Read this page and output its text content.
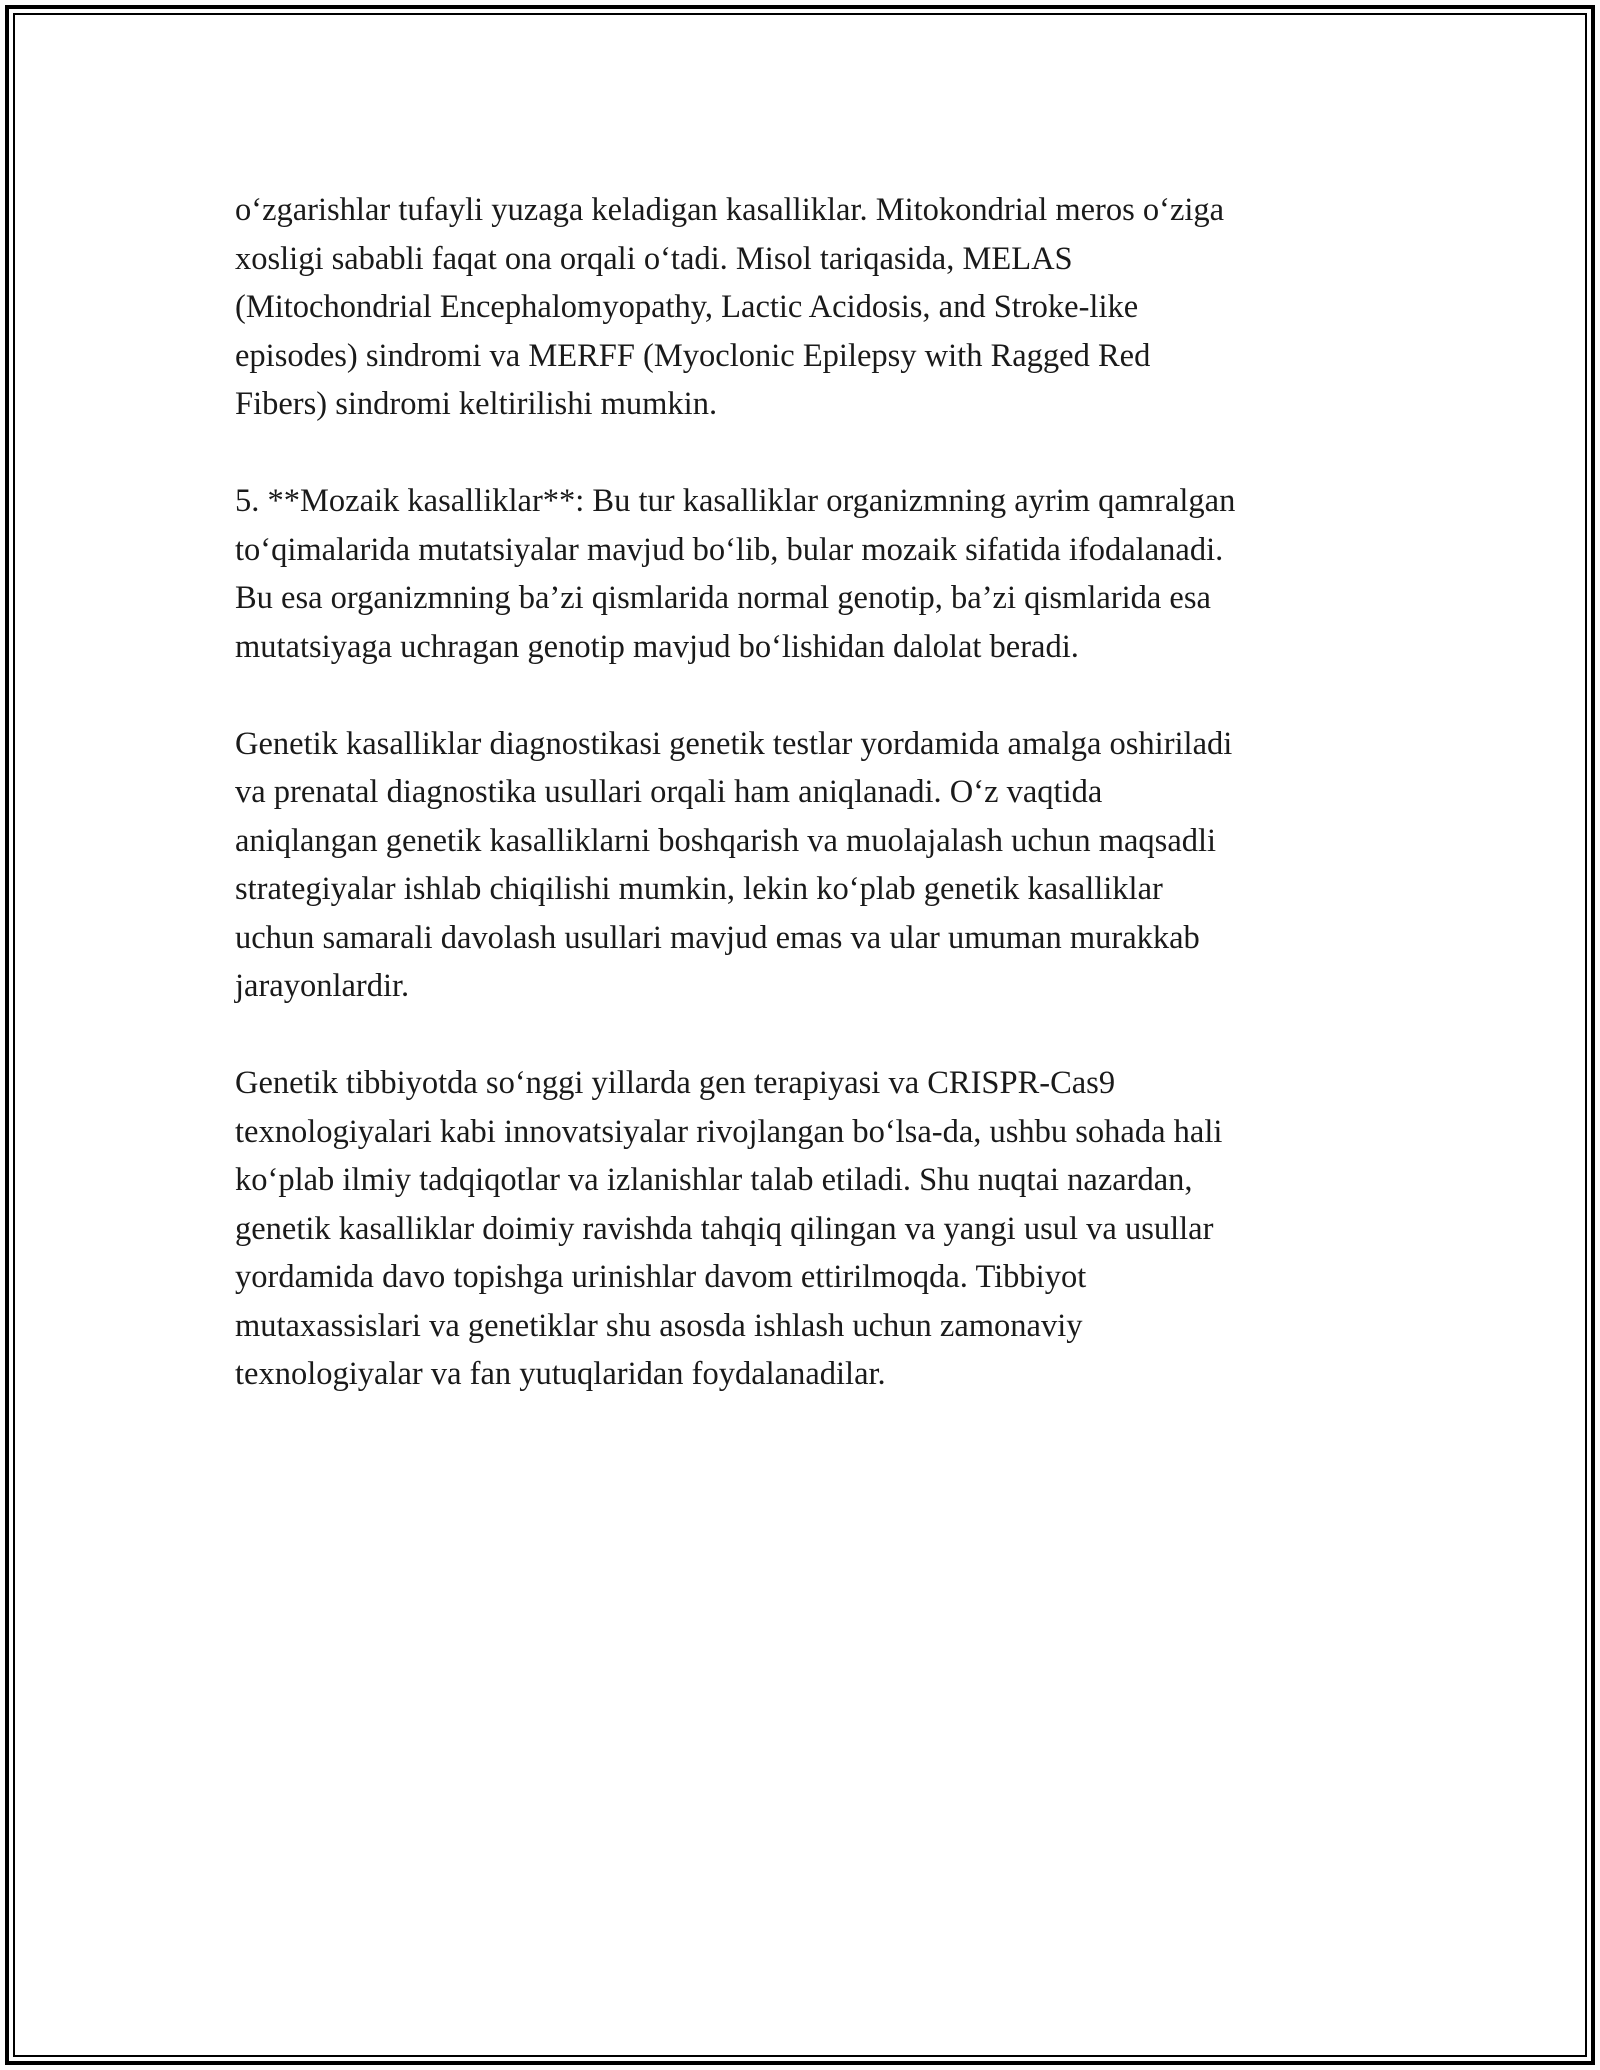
o‘zgarishlar tufayli yuzaga keladigan kasalliklar. Mitokondrial meros o‘ziga
xosligi sababli faqat ona orqali o‘tadi. Misol tariqasida, MELAS
(Mitochondrial Encephalomyopathy, Lactic Acidosis, and Stroke-like
episodes) sindromi va MERFF (Myoclonic Epilepsy with Ragged Red
Fibers) sindromi keltirilishi mumkin.

5. **Mozaik kasalliklar**: Bu tur kasalliklar organizmning ayrim qamralgan
to‘qimalarida mutatsiyalar mavjud bo‘lib, bular mozaik sifatida ifodalanadi.
Bu esa organizmning ba’zi qismlarida normal genotip, ba’zi qismlarida esa
mutatsiyaga uchragan genotip mavjud bo‘lishidan dalolat beradi.

Genetik kasalliklar diagnostikasi genetik testlar yordamida amalga oshiriladi
va prenatal diagnostika usullari orqali ham aniqlanadi. O‘z vaqtida
aniqlangan genetik kasalliklarni boshqarish va muolajalash uchun maqsadli
strategiyalar ishlab chiqilishi mumkin, lekin ko‘plab genetik kasalliklar
uchun samarali davolash usullari mavjud emas va ular umuman murakkab
jarayonlardir.

Genetik tibbiyotda so‘nggi yillarda gen terapiyasi va CRISPR-Cas9
texnologiyalari kabi innovatsiyalar rivojlangan bo‘lsa-da, ushbu sohada hali
ko‘plab ilmiy tadqiqotlar va izlanishlar talab etiladi. Shu nuqtai nazardan,
genetik kasalliklar doimiy ravishda tahqiq qilingan va yangi usul va usullar
yordamida davo topishga urinishlar davom ettirilmoqda. Tibbiyot
mutaxassislari va genetiklar shu asosda ishlash uchun zamonaviy
texnologiyalar va fan yutuqlaridan foydalanadilar.
